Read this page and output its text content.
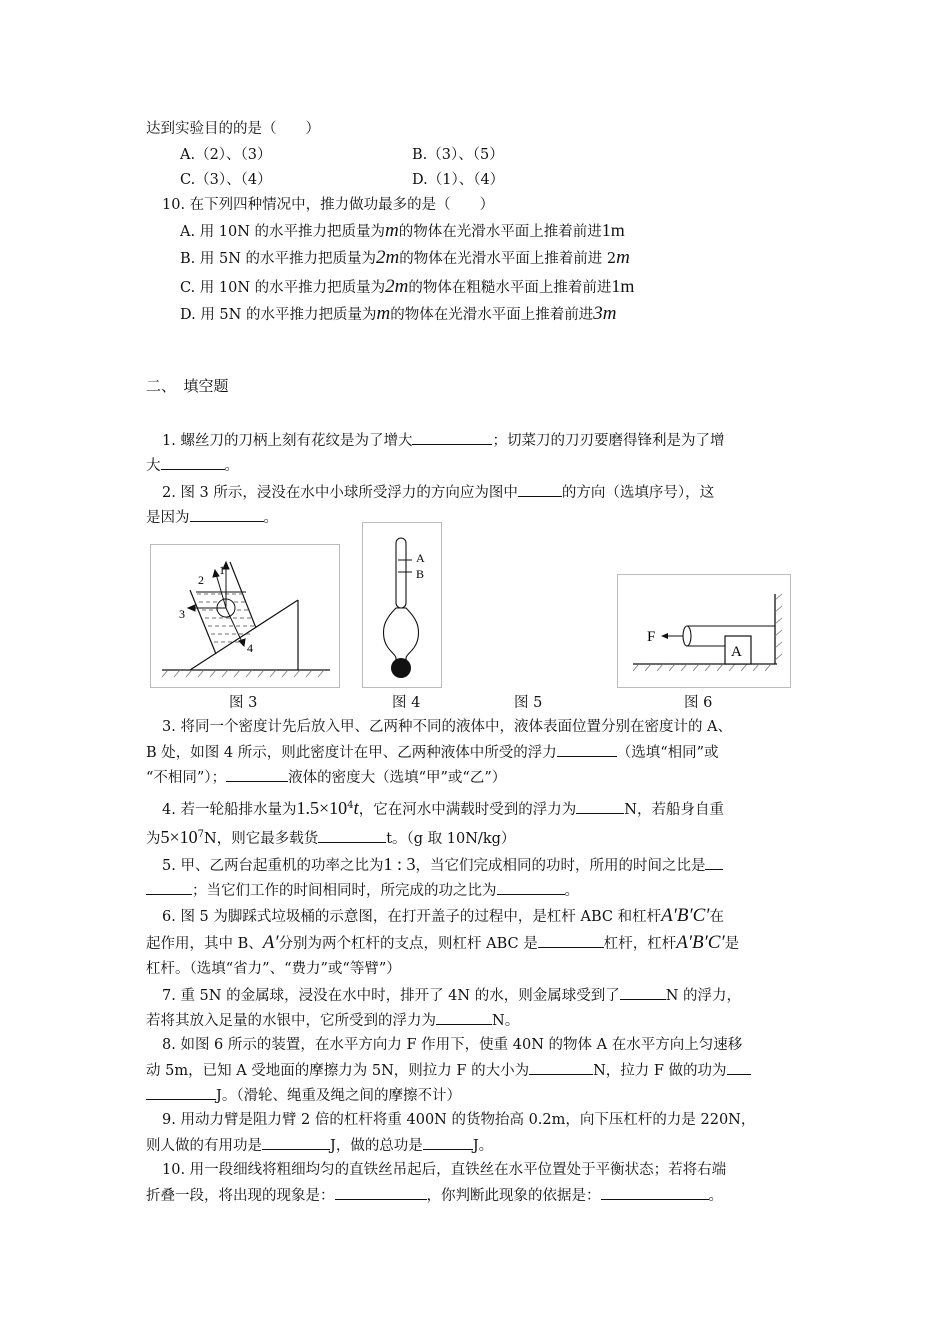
达到实验目的的是（　　）
A.（2）、（3）	B.（3）、（5）
C.（3）、（4）	D.（1）、（4）
10. 在下列四种情况中，推力做功最多的是（　　）
A. 用 10N 的水平推力把质量为m的物体在光滑水平面上推着前进1m
B. 用 5N 的水平推力把质量为2m的物体在光滑水平面上推着前进 2m
C. 用 10N 的水平推力把质量为2m的物体在粗糙水平面上推着前进1m
D. 用 5N 的水平推力把质量为m的物体在光滑水平面上推着前进3m
二、　填空题
1. 螺丝刀的刀柄上刻有花纹是为了增大	；切菜刀的刀刃要磨得锋利是为了增
大	。
2. 图 3 所示，浸没在水中小球所受浮力的方向应为图中	的方向（选填序号），这
是因为	。
1
2
3
4
A
B
F
A
图 3	图 4	图 5	图 6
3. 将同一个密度计先后放入甲、乙两种不同的液体中，液体表面位置分别在密度计的 A、
B 处，如图 4 所示，则此密度计在甲、乙两种液体中所受的浮力	（选填“相同”或
“不相同”）；	液体的密度大（选填“甲”或“乙”）
4. 若一轮船排水量为$1.5\times 10^4t$，它在河水中满载时受到的浮力为	N，若船身自重
为$5\times 10^7N$，则它最多载货	t。（g 取 10N/kg）
5. 甲、乙两台起重机的功率之比为1 : 3，当它们完成相同的功时，所用的时间之比是
；当它们工作的时间相同时，所完成的功之比为	。
6. 图 5 为脚踩式垃圾桶的示意图，在打开盖子的过程中，是杠杆 ABC 和杠杆A′B′C′在
起作用，其中 B、A′分别为两个杠杆的支点，则杠杆 ABC 是	杠杆，杠杆A′B′C′是
杠杆。（选填“省力”、“费力”或“等臂”）
7. 重 5N 的金属球，浸没在水中时，排开了 4N 的水，则金属球受到了	N 的浮力，
若将其放入足量的水银中，它所受到的浮力为	N。
8. 如图 6 所示的装置，在水平方向力 F 作用下，使重 40N 的物体 A 在水平方向上匀速移
动 5m，已知 A 受地面的摩擦力为 5N，则拉力 F 的大小为	N，拉力 F 做的功为
J。（滑轮、绳重及绳之间的摩擦不计）
9. 用动力臂是阻力臂 2 倍的杠杆将重 400N 的货物抬高 0.2m，向下压杠杆的力是 220N，
则人做的有用功是	J，做的总功是	J。
10. 用一段细线将粗细均匀的直铁丝吊起后，直铁丝在水平位置处于平衡状态；若将右端
折叠一段，将出现的现象是：	，你判断此现象的依据是：	。
